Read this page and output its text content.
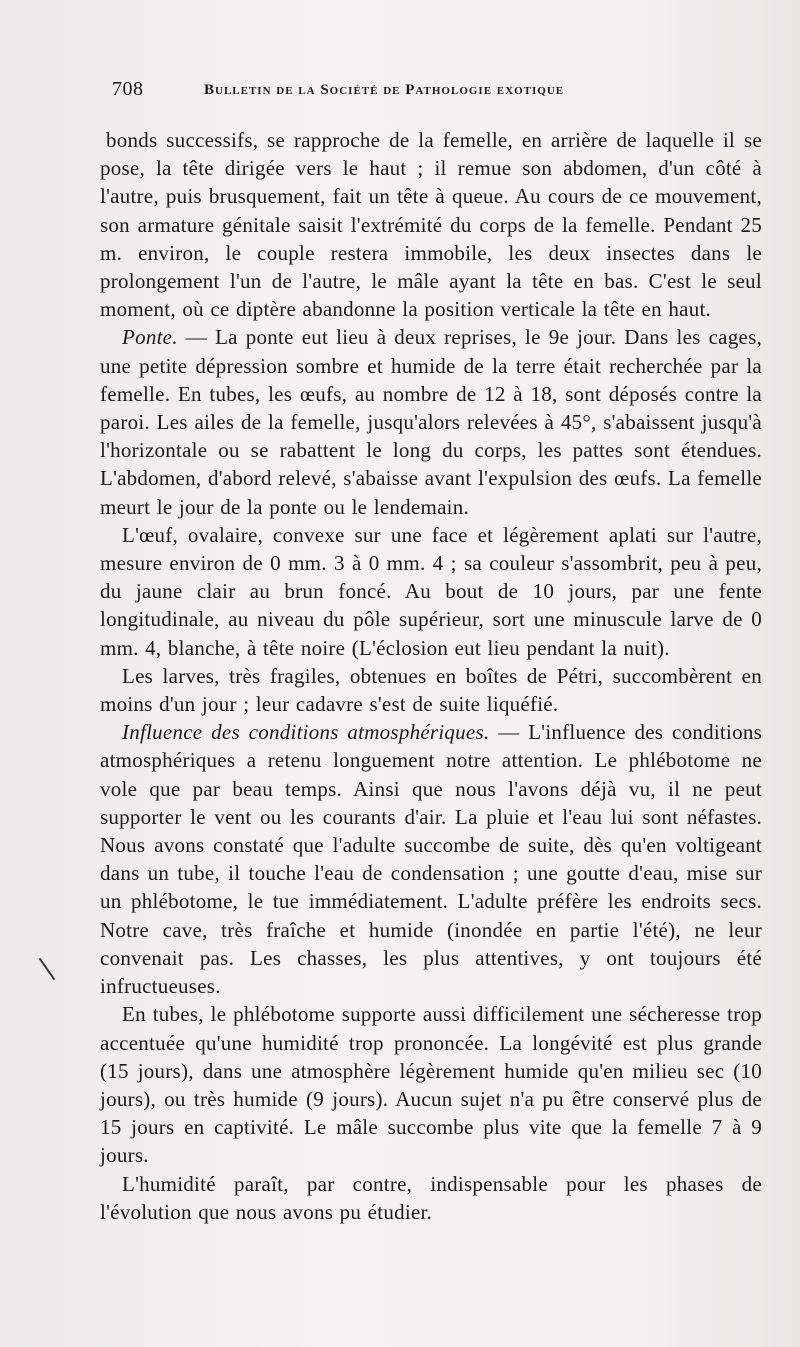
708	Bulletin de la Société de Pathologie exotique

bonds successifs, se rapproche de la femelle, en arrière de laquelle il se pose, la tête dirigée vers le haut ; il remue son abdomen, d'un côté à l'autre, puis brusquement, fait un tête à queue. Au cours de ce mouvement, son armature génitale saisit l'extrémité du corps de la femelle. Pendant 25 m. environ, le couple restera immobile, les deux insectes dans le prolongement l'un de l'autre, le mâle ayant la tête en bas. C'est le seul moment, où ce diptère abandonne la position verticale la tête en haut.

Ponte. — La ponte eut lieu à deux reprises, le 9e jour. Dans les cages, une petite dépression sombre et humide de la terre était recherchée par la femelle. En tubes, les œufs, au nombre de 12 à 18, sont déposés contre la paroi. Les ailes de la femelle, jusqu'alors relevées à 45°, s'abaissent jusqu'à l'horizontale ou se rabattent le long du corps, les pattes sont étendues. L'abdomen, d'abord relevé, s'abaisse avant l'expulsion des œufs. La femelle meurt le jour de la ponte ou le lendemain.

L'œuf, ovalaire, convexe sur une face et légèrement aplati sur l'autre, mesure environ de 0 mm. 3 à 0 mm. 4 ; sa couleur s'assombrit, peu à peu, du jaune clair au brun foncé. Au bout de 10 jours, par une fente longitudinale, au niveau du pôle supérieur, sort une minuscule larve de 0 mm. 4, blanche, à tête noire (L'éclosion eut lieu pendant la nuit).

Les larves, très fragiles, obtenues en boîtes de Pétri, succombèrent en moins d'un jour ; leur cadavre s'est de suite liquéfié.

Influence des conditions atmosphériques. — L'influence des conditions atmosphériques a retenu longuement notre attention. Le phlébotome ne vole que par beau temps. Ainsi que nous l'avons déjà vu, il ne peut supporter le vent ou les courants d'air. La pluie et l'eau lui sont néfastes. Nous avons constaté que l'adulte succombe de suite, dès qu'en voltigeant dans un tube, il touche l'eau de condensation ; une goutte d'eau, mise sur un phlébotome, le tue immédiatement. L'adulte préfère les endroits secs. Notre cave, très fraîche et humide (inondée en partie l'été), ne leur convenait pas. Les chasses, les plus attentives, y ont toujours été infructueuses.

En tubes, le phlébotome supporte aussi difficilement une sécheresse trop accentuée qu'une humidité trop prononcée. La longévité est plus grande (15 jours), dans une atmosphère légèrement humide qu'en milieu sec (10 jours), ou très humide (9 jours). Aucun sujet n'a pu être conservé plus de 15 jours en captivité. Le mâle succombe plus vite que la femelle 7 à 9 jours.

L'humidité paraît, par contre, indispensable pour les phases de l'évolution que nous avons pu étudier.
